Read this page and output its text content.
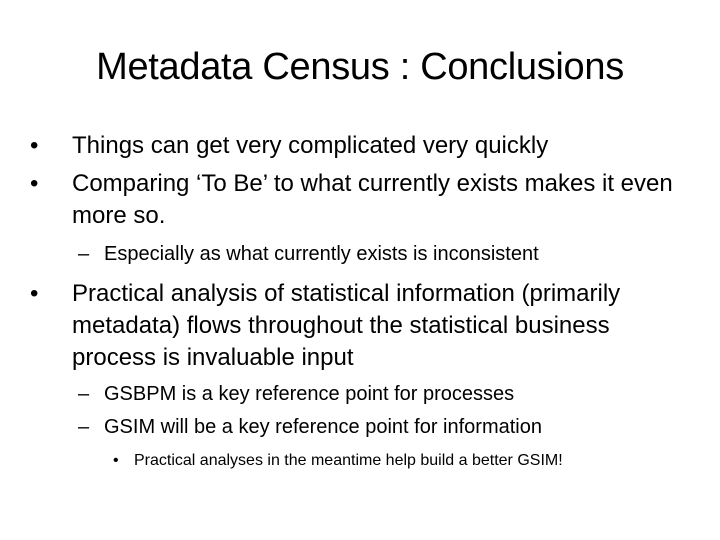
Metadata Census : Conclusions
•	Things can get very complicated very quickly
•	Comparing ‘To Be’ to what currently exists makes it even more so.
– Especially as what currently exists is inconsistent
•	Practical analysis of statistical information (primarily metadata) flows throughout the statistical business process is invaluable input
– GSBPM is a key reference point for processes
– GSIM will be a key reference point for information
• Practical analyses in the meantime help build a better GSIM!
